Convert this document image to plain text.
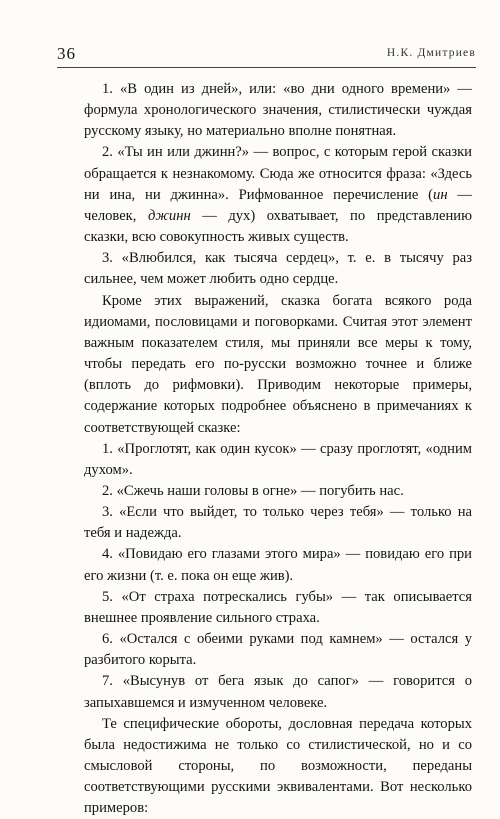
36	Н.К. Дмитриев

1. «В один из дней», или: «во дни одного времени» — формула хронологического значения, стилистически чуждая русскому языку, но материально вполне понятная.

2. «Ты ин или джинн?» — вопрос, с которым герой сказки обращается к незнакомому. Сюда же относится фраза: «Здесь ни ина, ни джинна». Рифмованное перечисление (ин — человек, джинн — дух) охватывает, по представлению сказки, всю совокупность живых существ.

3. «Влюбился, как тысяча сердец», т. е. в тысячу раз сильнее, чем может любить одно сердце.

Кроме этих выражений, сказка богата всякого рода идиомами, пословицами и поговорками. Считая этот элемент важным показателем стиля, мы приняли все меры к тому, чтобы передать его по-русски возможно точнее и ближе (вплоть до рифмовки). Приводим некоторые примеры, содержание которых подробнее объяснено в примечаниях к соответствующей сказке:

1. «Проглотят, как один кусок» — сразу проглотят, «одним духом».

2. «Сжечь наши головы в огне» — погубить нас.

3. «Если что выйдет, то только через тебя» — только на тебя и надежда.

4. «Повидаю его глазами этого мира» — повидаю его при его жизни (т. е. пока он еще жив).

5. «От страха потрескались губы» — так описывается внешнее проявление сильного страха.

6. «Остался с обеими руками под камнем» — остался у разбитого корыта.

7. «Высунув от бега язык до сапог» — говорится о запыхавшемся и измученном человеке.

Те специфические обороты, дословная передача которых была недостижима не только со стилистической, но и со смысловой стороны, по возможности, переданы соответствующими русскими эквивалентами. Вот несколько примеров:
